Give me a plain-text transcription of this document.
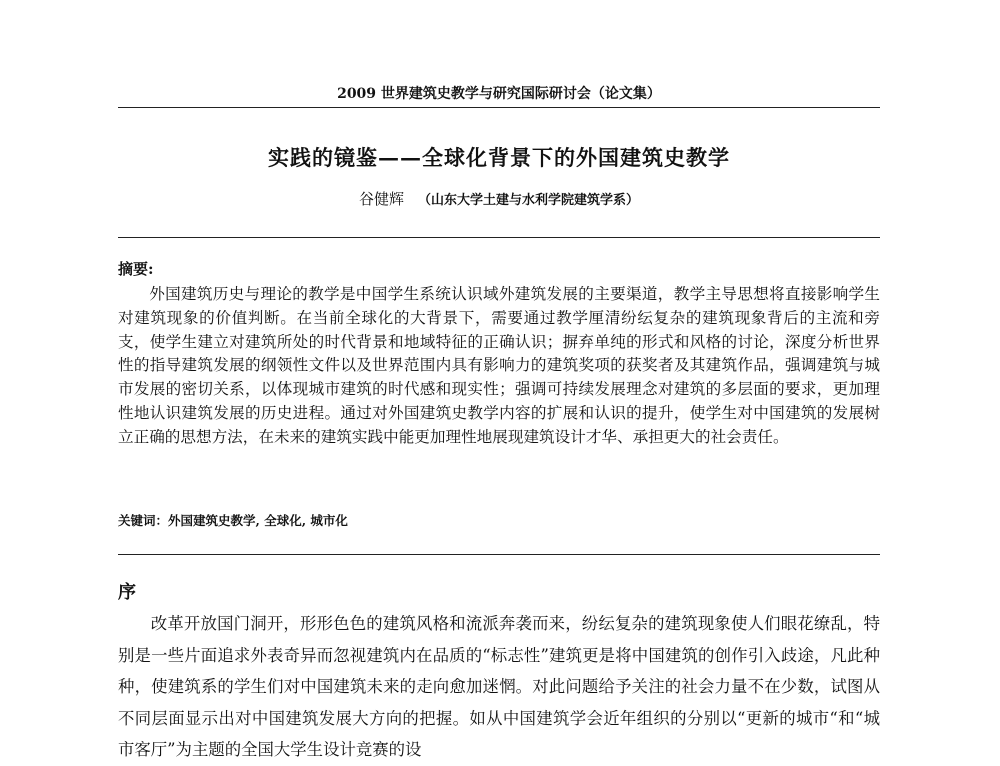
2009 世界建筑史教学与研究国际研讨会（论文集）
实践的镜鉴——全球化背景下的外国建筑史教学
谷健辉 （山东大学土建与水利学院建筑学系）
摘要:

外国建筑历史与理论的教学是中国学生系统认识域外建筑发展的主要渠道，教学主导思想将直接影响学生对建筑现象的价值判断。在当前全球化的大背景下，需要通过教学厘清纷纭复杂的建筑现象背后的主流和旁支，使学生建立对建筑所处的时代背景和地域特征的正确认识；摒弃单纯的形式和风格的讨论，深度分析世界性的指导建筑发展的纲领性文件以及世界范围内具有影响力的建筑奖项的获奖者及其建筑作品，强调建筑与城市发展的密切关系，以体现城市建筑的时代感和现实性；强调可持续发展理念对建筑的多层面的要求，更加理性地认识建筑发展的历史进程。通过对外国建筑史教学内容的扩展和认识的提升，使学生对中国建筑的发展树立正确的思想方法，在未来的建筑实践中能更加理性地展现建筑设计才华、承担更大的社会责任。

关键词：外国建筑史教学, 全球化, 城市化
序

改革开放国门洞开，形形色色的建筑风格和流派奔袭而来，纷纭复杂的建筑现象使人们眼花缭乱，特别是一些片面追求外表奇异而忽视建筑内在品质的“标志性”建筑更是将中国建筑的创作引入歧途，凡此种种，使建筑系的学生们对中国建筑未来的走向愈加迷惘。对此问题给予关注的社会力量不在少数，试图从不同层面显示出对中国建筑发展大方向的把握。如从中国建筑学会近年组织的分别以“更新的城市“和“城市客厅”为主题的全国大学生设计竞赛的设
